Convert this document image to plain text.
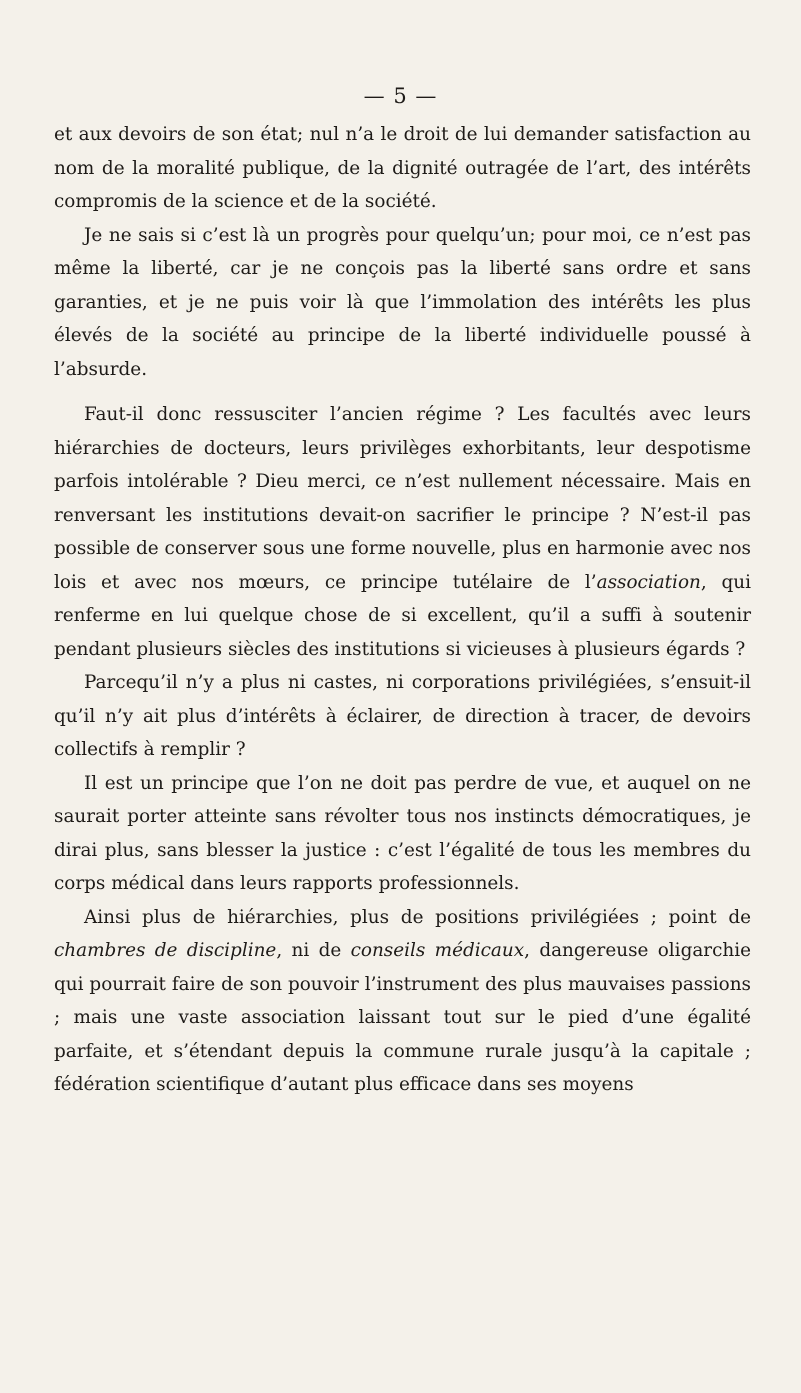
— 5 —

et aux devoirs de son état; nul n’a le droit de lui demander satisfaction au nom de la moralité publique, de la dignité outragée de l’art, des intérêts compromis de la science et de la société.

Je ne sais si c’est là un progrès pour quelqu’un; pour moi, ce n’est pas même la liberté, car je ne conçois pas la liberté sans ordre et sans garanties, et je ne puis voir là que l’immolation des intérêts les plus élevés de la société au principe de la liberté individuelle poussé à l’absurde.

Faut-il donc ressusciter l’ancien régime ? Les facultés avec leurs hiérarchies de docteurs, leurs privilèges exhorbitants, leur despotisme parfois intolérable ? Dieu merci, ce n’est nullement nécessaire. Mais en renversant les institutions devait-on sacrifier le principe ? N’est-il pas possible de conserver sous une forme nouvelle, plus en harmonie avec nos lois et avec nos mœurs, ce principe tutélaire de l’association, qui renferme en lui quelque chose de si excellent, qu’il a suffi à soutenir pendant plusieurs siècles des institutions si vicieuses à plusieurs égards ?

Parcequ’il n’y a plus ni castes, ni corporations privilégiées, s’ensuit-il qu’il n’y ait plus d’intérêts à éclairer, de direction à tracer, de devoirs collectifs à remplir ?

Il est un principe que l’on ne doit pas perdre de vue, et auquel on ne saurait porter atteinte sans révolter tous nos instincts démocratiques, je dirai plus, sans blesser la justice : c’est l’égalité de tous les membres du corps médical dans leurs rapports professionnels.

Ainsi plus de hiérarchies, plus de positions privilégiées ; point de chambres de discipline, ni de conseils médicaux, dangereuse oligarchie qui pourrait faire de son pouvoir l’instrument des plus mauvaises passions ; mais une vaste association laissant tout sur le pied d’une égalité parfaite, et s’étendant depuis la commune rurale jusqu’à la capitale ; fédération scientifique d’autant plus efficace dans ses moyens
